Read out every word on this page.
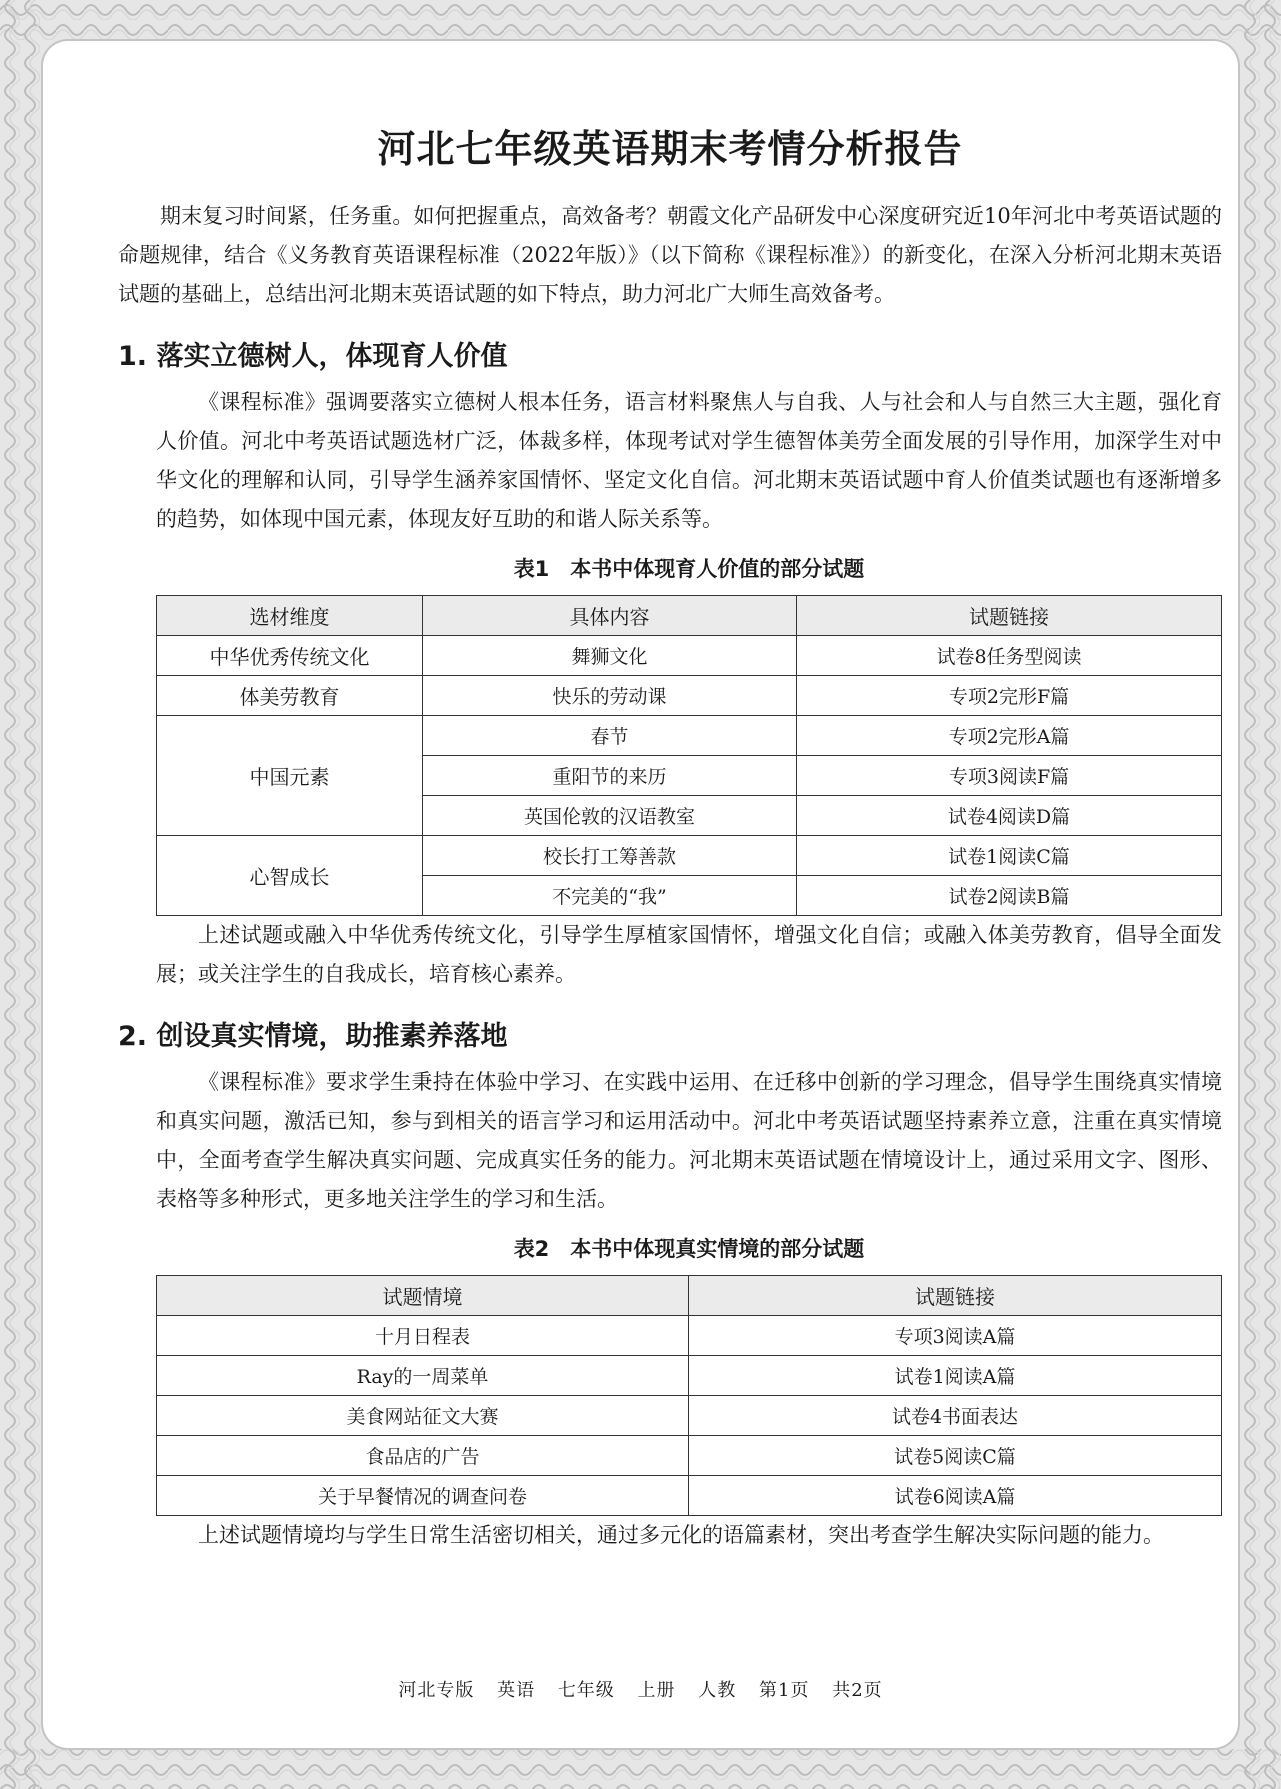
河北七年级英语期末考情分析报告

期末复习时间紧，任务重。如何把握重点，高效备考？朝霞文化产品研发中心深度研究近10年河北中考英语试题的命题规律，结合《义务教育英语课程标准（2022年版）》（以下简称《课程标准》）的新变化，在深入分析河北期末英语试题的基础上，总结出河北期末英语试题的如下特点，助力河北广大师生高效备考。

1. 落实立德树人，体现育人价值

《课程标准》强调要落实立德树人根本任务，语言材料聚焦人与自我、人与社会和人与自然三大主题，强化育人价值。河北中考英语试题选材广泛，体裁多样，体现考试对学生德智体美劳全面发展的引导作用，加深学生对中华文化的理解和认同，引导学生涵养家国情怀、坚定文化自信。河北期末英语试题中育人价值类试题也有逐渐增多的趋势，如体现中国元素，体现友好互助的和谐人际关系等。

表1　本书中体现育人价值的部分试题
选材维度	具体内容	试题链接
中华优秀传统文化	舞狮文化	试卷8任务型阅读
体美劳教育	快乐的劳动课	专项2完形F篇
中国元素	春节	专项2完形A篇
	重阳节的来历	专项3阅读F篇
	英国伦敦的汉语教室	试卷4阅读D篇
心智成长	校长打工筹善款	试卷1阅读C篇
	不完美的“我”	试卷2阅读B篇

上述试题或融入中华优秀传统文化，引导学生厚植家国情怀，增强文化自信；或融入体美劳教育，倡导全面发展；或关注学生的自我成长，培育核心素养。

2. 创设真实情境，助推素养落地

《课程标准》要求学生秉持在体验中学习、在实践中运用、在迁移中创新的学习理念，倡导学生围绕真实情境和真实问题，激活已知，参与到相关的语言学习和运用活动中。河北中考英语试题坚持素养立意，注重在真实情境中，全面考查学生解决真实问题、完成真实任务的能力。河北期末英语试题在情境设计上，通过采用文字、图形、表格等多种形式，更多地关注学生的学习和生活。

表2　本书中体现真实情境的部分试题
试题情境	试题链接
十月日程表	专项3阅读A篇
Ray的一周菜单	试卷1阅读A篇
美食网站征文大赛	试卷4书面表达
食品店的广告	试卷5阅读C篇
关于早餐情况的调查问卷	试卷6阅读A篇

上述试题情境均与学生日常生活密切相关，通过多元化的语篇素材，突出考查学生解决实际问题的能力。

河北专版 英语 七年级 上册 人教 第1页 共2页
